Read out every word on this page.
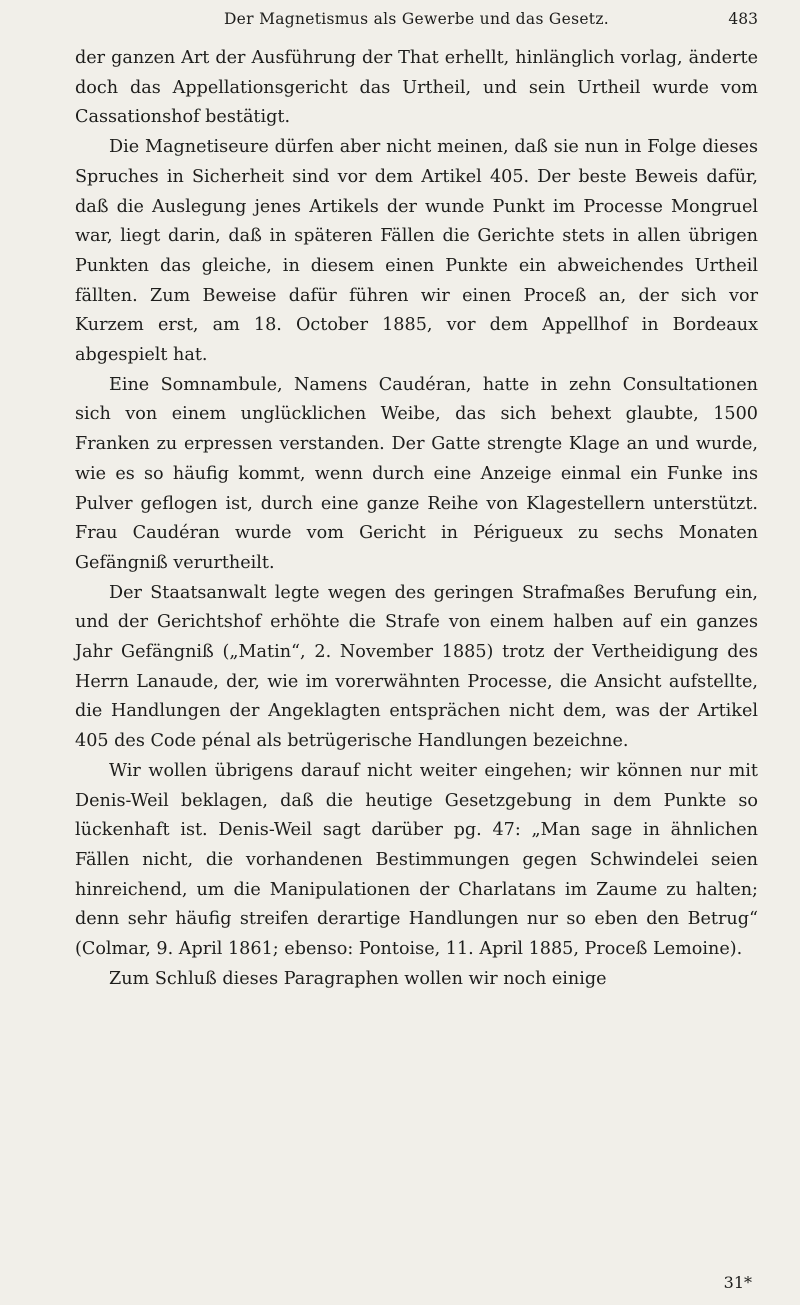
Der Magnetismus als Gewerbe und das Gesetz.	483

der ganzen Art der Ausführung der That erhellt, hinlänglich vorlag, änderte doch das Appellationsgericht das Urtheil, und sein Urtheil wurde vom Cassationshof bestätigt.

Die Magnetiseure dürfen aber nicht meinen, daß sie nun in Folge dieses Spruches in Sicherheit sind vor dem Artikel 405. Der beste Beweis dafür, daß die Auslegung jenes Artikels der wunde Punkt im Processe Mongruel war, liegt darin, daß in späteren Fällen die Gerichte stets in allen übrigen Punkten das gleiche, in diesem einen Punkte ein abweichendes Urtheil fällten. Zum Beweise dafür führen wir einen Proceß an, der sich vor Kurzem erst, am 18. October 1885, vor dem Appellhof in Bordeaux abgespielt hat.

Eine Somnambule, Namens Caudéran, hatte in zehn Consultationen sich von einem unglücklichen Weibe, das sich behext glaubte, 1500 Franken zu erpressen verstanden. Der Gatte strengte Klage an und wurde, wie es so häufig kommt, wenn durch eine Anzeige einmal ein Funke ins Pulver geflogen ist, durch eine ganze Reihe von Klagestellern unterstützt. Frau Caudéran wurde vom Gericht in Périgueux zu sechs Monaten Gefängniß verurtheilt.

Der Staatsanwalt legte wegen des geringen Strafmaßes Berufung ein, und der Gerichtshof erhöhte die Strafe von einem halben auf ein ganzes Jahr Gefängniß („Matin“, 2. November 1885) trotz der Vertheidigung des Herrn Lanaude, der, wie im vorerwähnten Processe, die Ansicht aufstellte, die Handlungen der Angeklagten entsprächen nicht dem, was der Artikel 405 des Code pénal als betrügerische Handlungen bezeichne.

Wir wollen übrigens darauf nicht weiter eingehen; wir können nur mit Denis-Weil beklagen, daß die heutige Gesetzgebung in dem Punkte so lückenhaft ist. Denis-Weil sagt darüber pg. 47: „Man sage in ähnlichen Fällen nicht, die vorhandenen Bestimmungen gegen Schwindelei seien hinreichend, um die Manipulationen der Charlatans im Zaume zu halten; denn sehr häufig streifen derartige Handlungen nur so eben den Betrug“ (Colmar, 9. April 1861; ebenso: Pontoise, 11. April 1885, Proceß Lemoine).

Zum Schluß dieses Paragraphen wollen wir noch einige

31*
